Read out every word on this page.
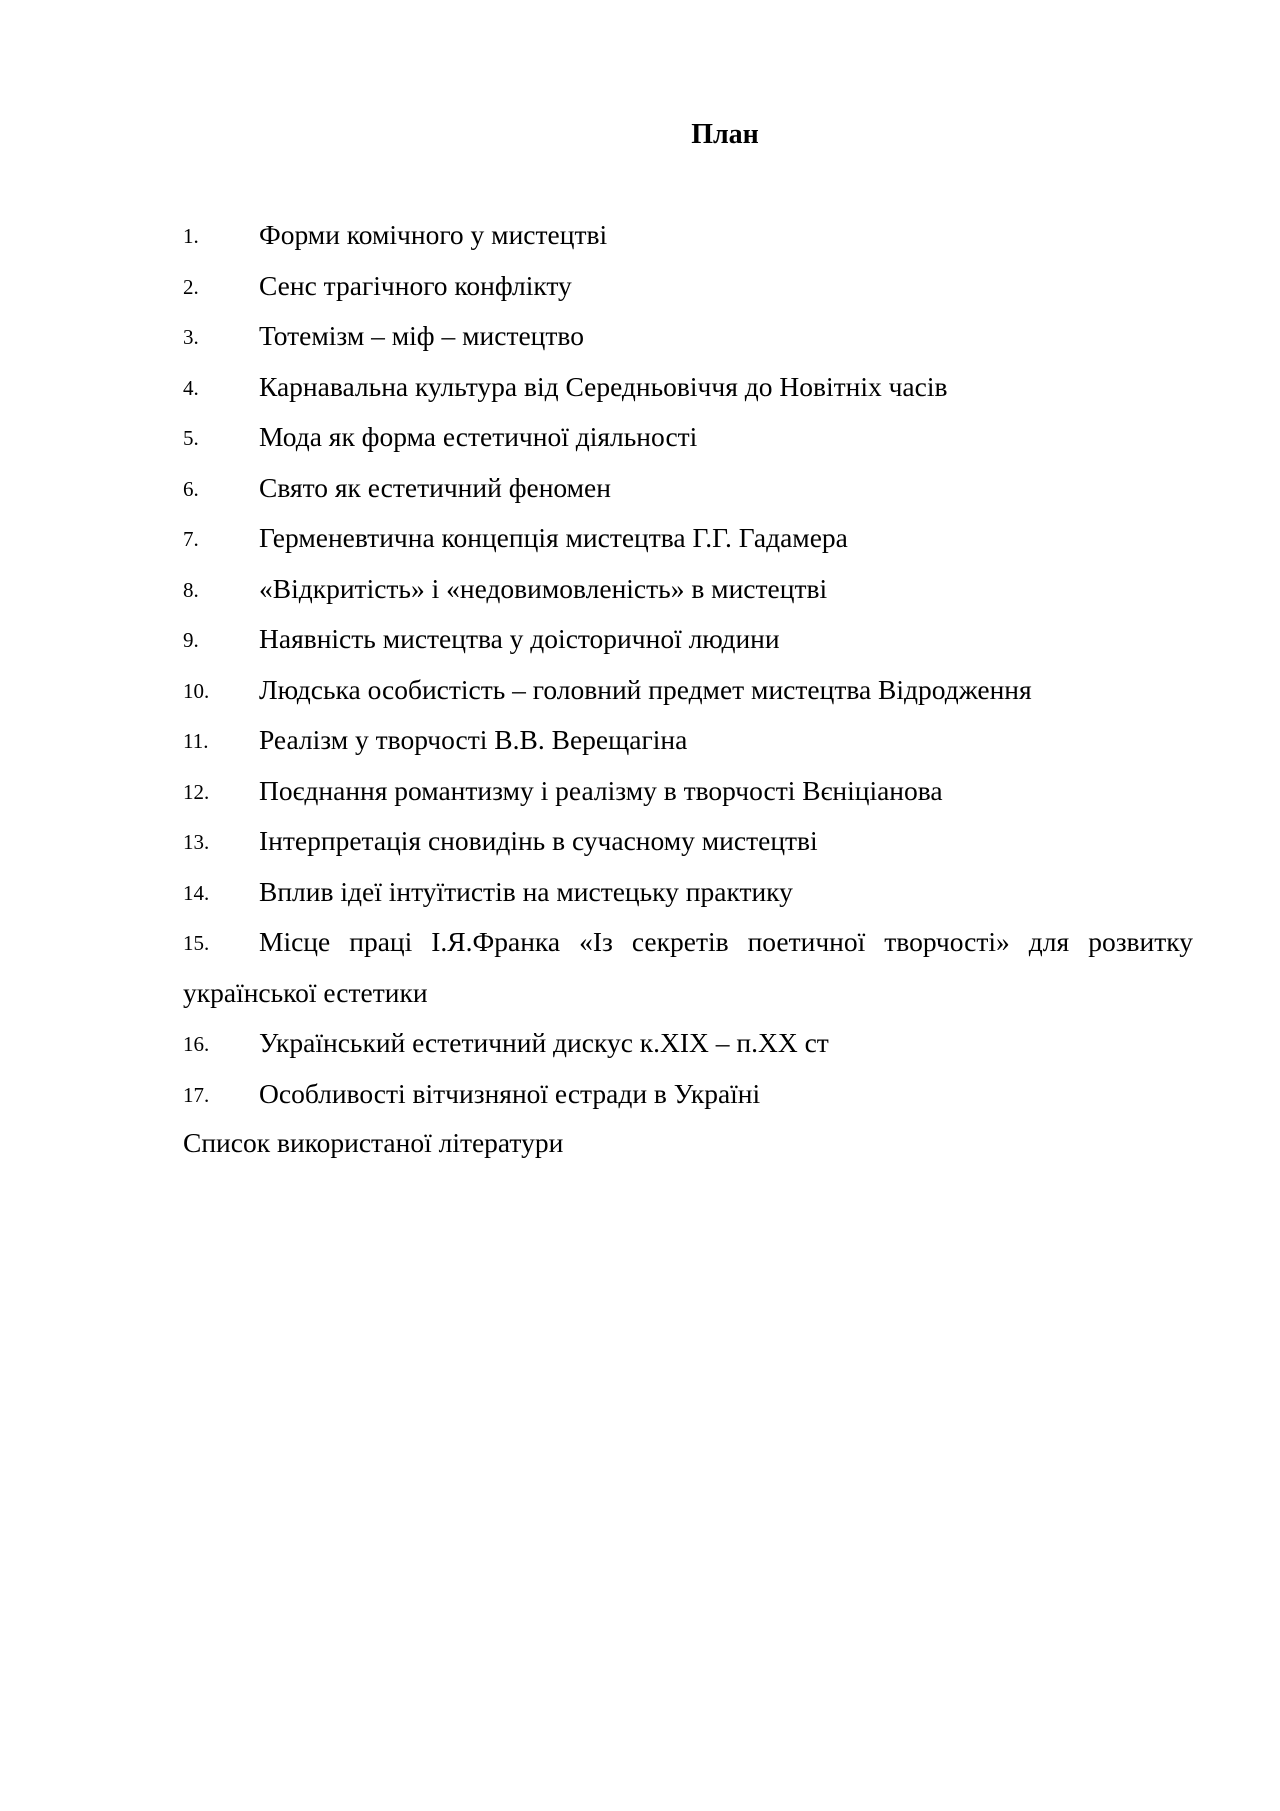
План
1. Форми комічного у мистецтві
2. Сенс трагічного конфлікту
3. Тотемізм – міф – мистецтво
4. Карнавальна культура від Середньовіччя до Новітніх часів
5. Мода як форма естетичної діяльності
6. Свято як естетичний феномен
7. Герменевтична концепція мистецтва Г.Г. Гадамера
8. «Відкритість» і «недовимовленість» в мистецтві
9. Наявність мистецтва у доісторичної людини
10. Людська особистість – головний предмет мистецтва Відродження
11. Реалізм у творчості В.В. Верещагіна
12. Поєднання романтизму і реалізму в творчості Вєніціанова
13. Інтерпретація сновидінь в сучасному мистецтві
14. Вплив ідеї інтуїтистів на мистецьку практику
15.	Місце праці І.Я.Франка «Із секретів поетичної творчості» для розвитку української естетики
16. Український естетичний дискус к.XIX – п.XX ст
17. Особливості вітчизняної естради в Україні
Список використаної літератури
